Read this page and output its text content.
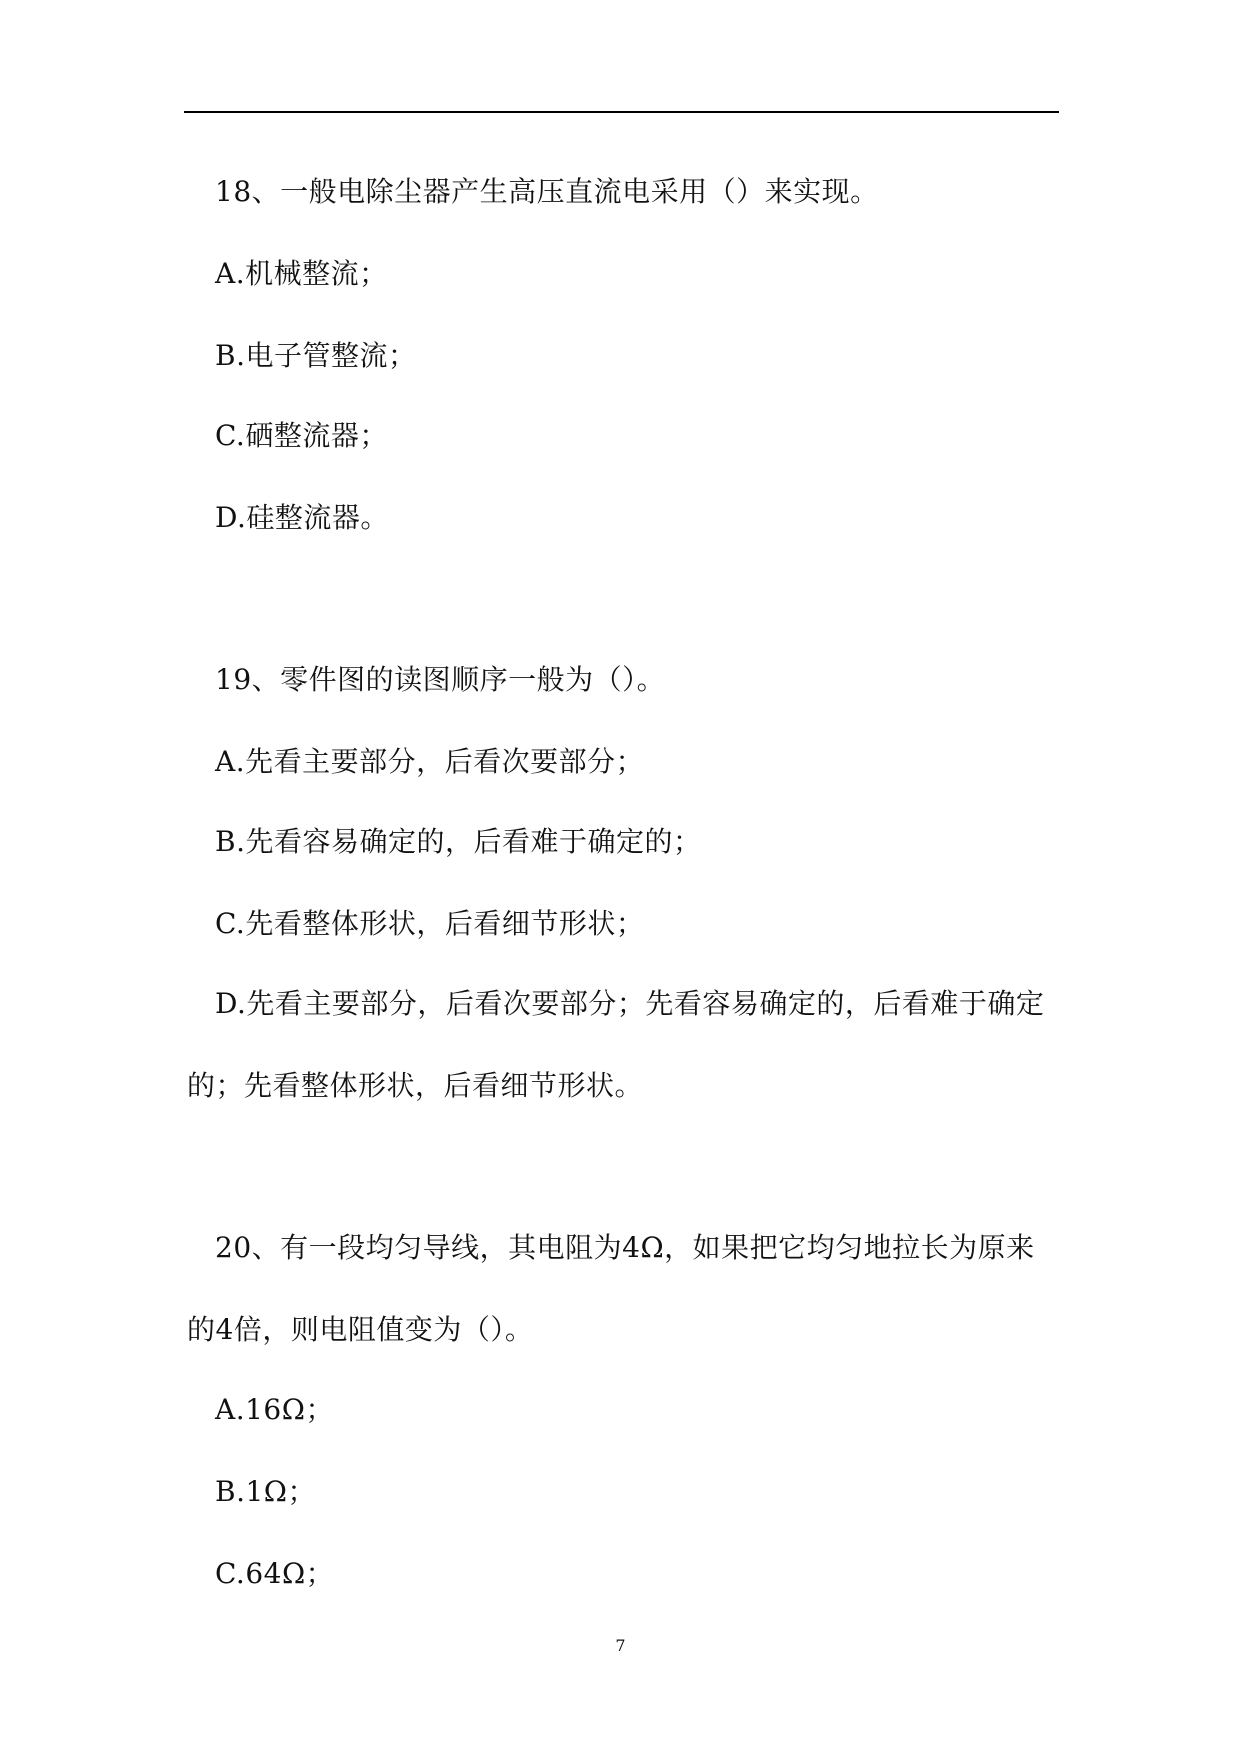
18、一般电除尘器产生高压直流电采用（）来实现。
A.机械整流；
B.电子管整流；
C.硒整流器；
D.硅整流器。
19、零件图的读图顺序一般为（）。
A.先看主要部分，后看次要部分；
B.先看容易确定的，后看难于确定的；
C.先看整体形状，后看细节形状；
D.先看主要部分，后看次要部分；先看容易确定的，后看难于确定
的；先看整体形状，后看细节形状。
20、有一段均匀导线，其电阻为4Ω，如果把它均匀地拉长为原来
的4倍，则电阻值变为（）。
A.16Ω；
B.1Ω；
C.64Ω；
7
